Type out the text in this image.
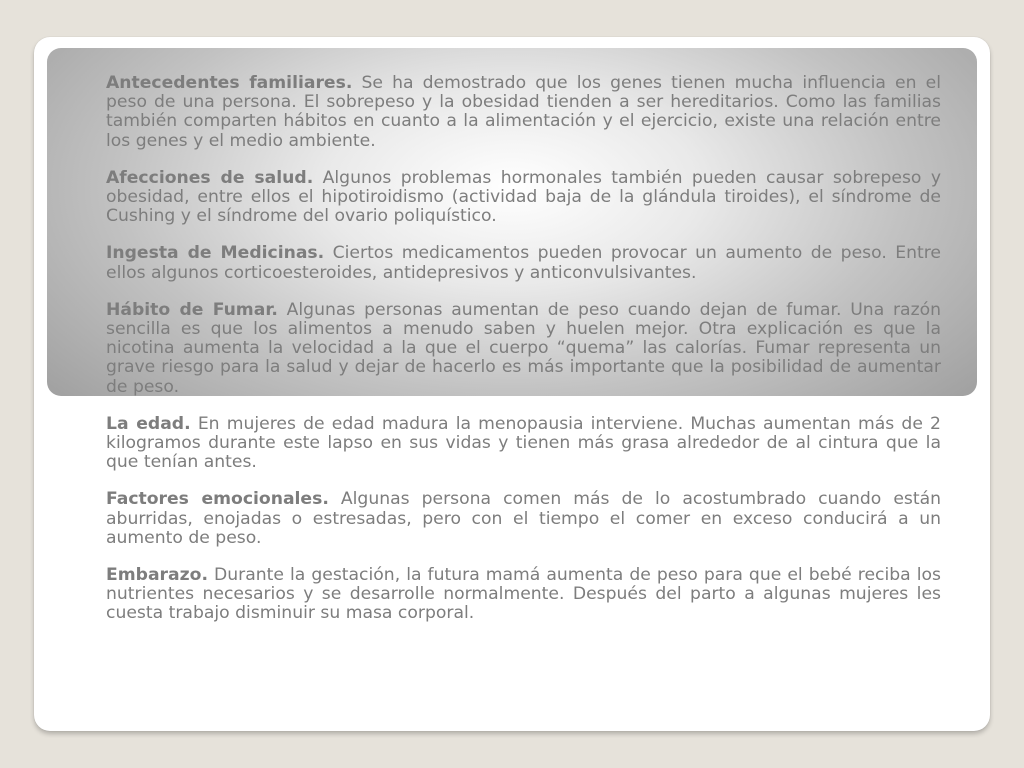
Antecedentes familiares. Se ha demostrado que los genes tienen mucha influencia en el peso de una persona. El sobrepeso y la obesidad tienden a ser hereditarios. Como las familias también comparten hábitos en cuanto a la alimentación y el ejercicio, existe una relación entre los genes y el medio ambiente.

Afecciones de salud. Algunos problemas hormonales también pueden causar sobrepeso y obesidad, entre ellos el hipotiroidismo (actividad baja de la glándula tiroides), el síndrome de Cushing y el síndrome del ovario poliquístico.

Ingesta de Medicinas. Ciertos medicamentos pueden provocar un aumento de peso. Entre ellos algunos corticoesteroides, antidepresivos y anticonvulsivantes.

Hábito de Fumar. Algunas personas aumentan de peso cuando dejan de fumar. Una razón sencilla es que los alimentos a menudo saben y huelen mejor. Otra explicación es que la nicotina aumenta la velocidad a la que el cuerpo “quema” las calorías. Fumar representa un grave riesgo para la salud y dejar de hacerlo es más importante que la posibilidad de aumentar de peso.

La edad. En mujeres de edad madura la menopausia interviene. Muchas aumentan más de 2 kilogramos durante este lapso en sus vidas y tienen más grasa alrededor de al cintura que la que tenían antes.

Factores emocionales. Algunas persona comen más de lo acostumbrado cuando están aburridas, enojadas o estresadas, pero con el tiempo el comer en exceso conducirá a un aumento de peso.

Embarazo. Durante la gestación, la futura mamá aumenta de peso para que el bebé reciba los nutrientes necesarios y se desarrolle normalmente. Después del parto a algunas mujeres les cuesta trabajo disminuir su masa corporal.
